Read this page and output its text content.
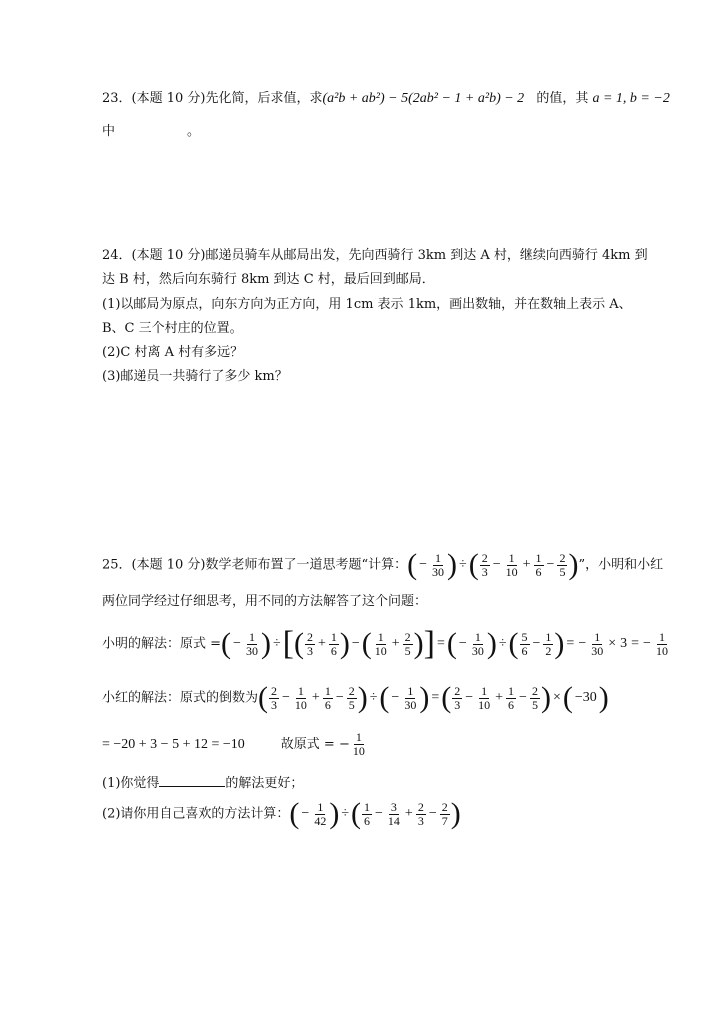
23．(本题 10 分)先化简，后求值，求(a²b + ab²) − 5(2ab² − 1 + a²b) − 2 的值，其 a = 1, b = −2
中	。
24．(本题 10 分)邮递员骑车从邮局出发，先向西骑行 3km 到达 A 村，继续向西骑行 4km 到
达 B 村，然后向东骑行 8km 到达 C 村，最后回到邮局．
(1)以邮局为原点，向东方向为正方向，用 1cm 表示 1km，画出数轴，并在数轴上表示 A、
B、C 三个村庄的位置。
(2)C 村离 A 村有多远？
(3)邮递员一共骑行了多少 km？
25．(本题 10 分)数学老师布置了一道思考题“计算：( − $\frac{1}{30}$ ) ÷( $\frac{2}{3} - \frac{1}{10} + \frac{1}{6} - \frac{2}{5}$ )”，小明和小红
两位同学经过仔细思考，用不同的方法解答了这个问题：
小明的解法：原式 =( − $\frac{1}{30}$ ) ÷[( $\frac{2}{3} + \frac{1}{6}$ ) −( $\frac{1}{10} + \frac{2}{5}$ )] =( − $\frac{1}{30}$ ) ÷( $\frac{5}{6} - \frac{1}{2}$ ) = − $\frac{1}{30} \times 3$ = − $\frac{1}{10}$
小红的解法：原式的倒数为( $\frac{2}{3} - \frac{1}{10} + \frac{1}{6} - \frac{2}{5}$ ) ÷( − $\frac{1}{30}$ ) =( $\frac{2}{3} - \frac{1}{10} + \frac{1}{6} - \frac{2}{5}$ ) ×( −30)
= −20 + 3 − 5 + 12 = −10	故原式 = − $\frac{1}{10}$
(1)你觉得	的解法更好；
(2)请你用自己喜欢的方法计算：( − $\frac{1}{42}$ ) ÷( $\frac{1}{6} - \frac{3}{14} + \frac{2}{3} - \frac{2}{7}$ )
